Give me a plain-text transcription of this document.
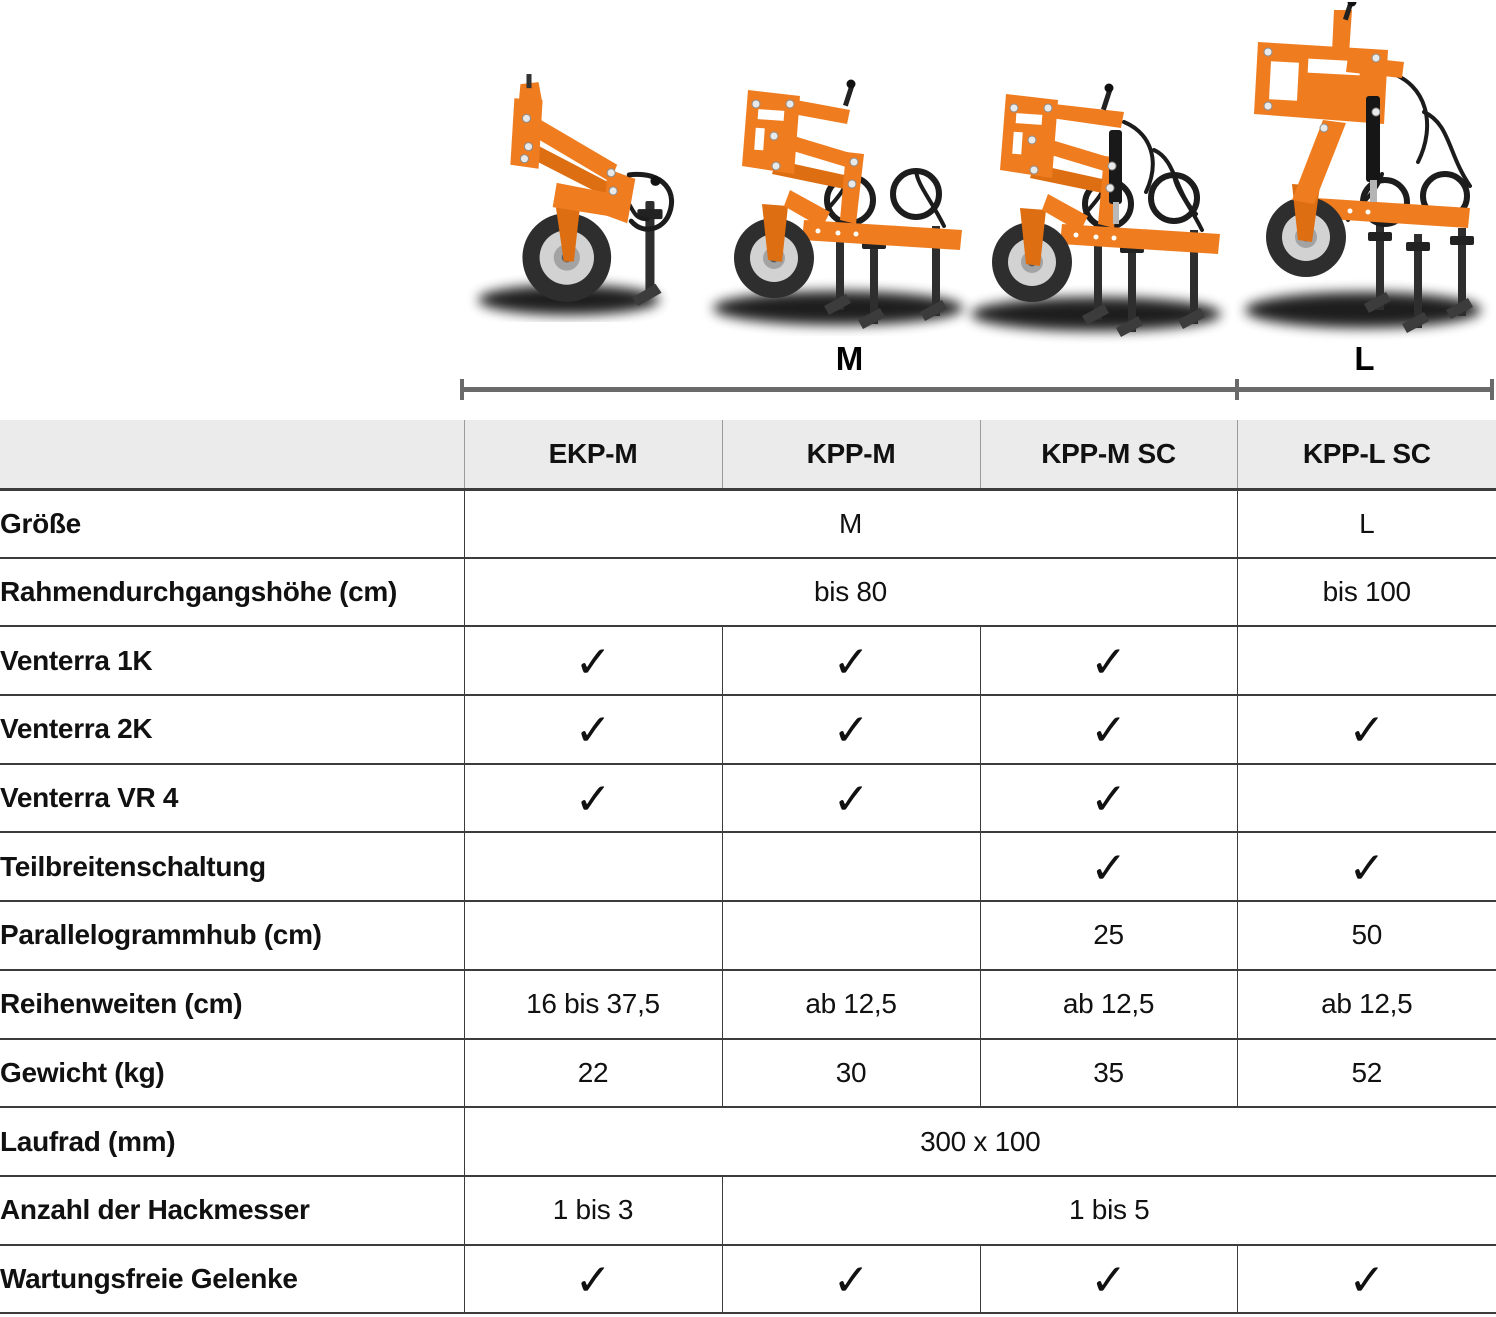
M	L
	EKP-M	KPP-M	KPP-M SC	KPP-L SC
Größe	M			L
Rahmendurchgangshöhe (cm)	bis 80			bis 100
Venterra 1K	✓	✓	✓	
Venterra 2K	✓	✓	✓	✓
Venterra VR 4	✓	✓	✓	
Teilbreitenschaltung			✓	✓
Parallelogrammhub (cm)			25	50
Reihenweiten (cm)	16 bis 37,5	ab 12,5	ab 12,5	ab 12,5
Gewicht (kg)	22	30	35	52
Laufrad (mm)	300 x 100			
Anzahl der Hackmesser	1 bis 3	1 bis 5		
Wartungsfreie Gelenke	✓	✓	✓	✓
